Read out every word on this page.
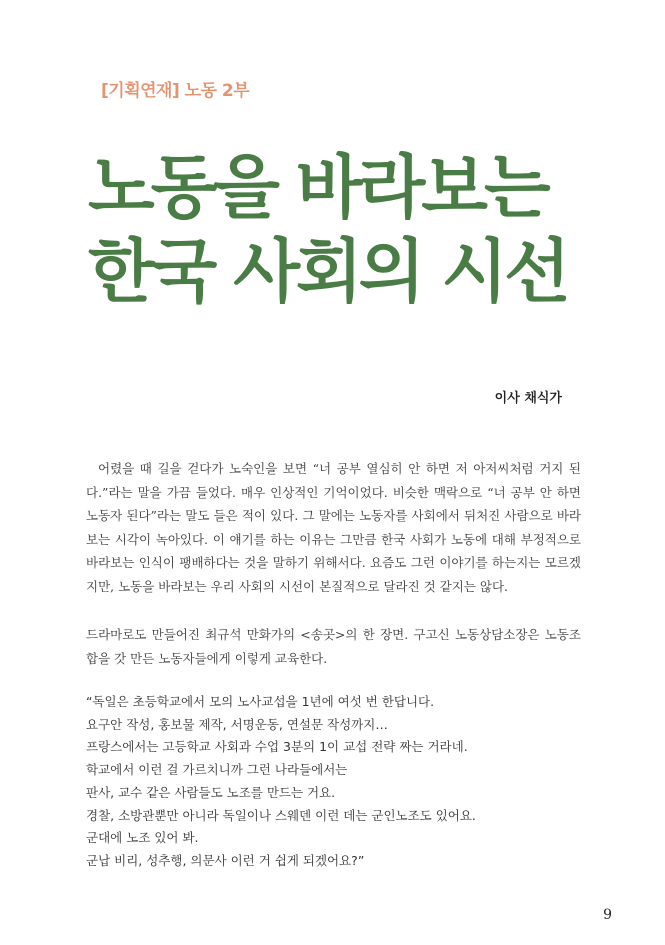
[기획연재] 노동 2부
노동을 바라보는
한국 사회의 시선
이사 채식가

어렸을 때 길을 걷다가 노숙인을 보면 “너 공부 열심히 안 하면 저 아저씨처럼 거지 된다.”라는 말을 가끔 들었다. 매우 인상적인 기억이었다. 비슷한 맥락으로 “너 공부 안 하면 노동자 된다”라는 말도 들은 적이 있다. 그 말에는 노동자를 사회에서 뒤처진 사람으로 바라보는 시각이 녹아있다. 이 얘기를 하는 이유는 그만큼 한국 사회가 노동에 대해 부정적으로 바라보는 인식이 팽배하다는 것을 말하기 위해서다. 요즘도 그런 이야기를 하는지는 모르겠지만, 노동을 바라보는 우리 사회의 시선이 본질적으로 달라진 것 같지는 않다.

드라마로도 만들어진 최규석 만화가의 <송곳>의 한 장면. 구고신 노동상담소장은 노동조합을 갓 만든 노동자들에게 이렇게 교육한다.

“독일은 초등학교에서 모의 노사교섭을 1년에 여섯 번 한답니다.
요구안 작성, 홍보물 제작, 서명운동, 연설문 작성까지…
프랑스에서는 고등학교 사회과 수업 3분의 1이 교섭 전략 짜는 거라네.
학교에서 이런 걸 가르치니까 그런 나라들에서는
판사, 교수 같은 사람들도 노조를 만드는 거요.
경찰, 소방관뿐만 아니라 독일이나 스웨덴 이런 데는 군인노조도 있어요.
군대에 노조 있어 봐.
군납 비리, 성추행, 의문사 이런 거 쉽게 되겠어요?”
9
